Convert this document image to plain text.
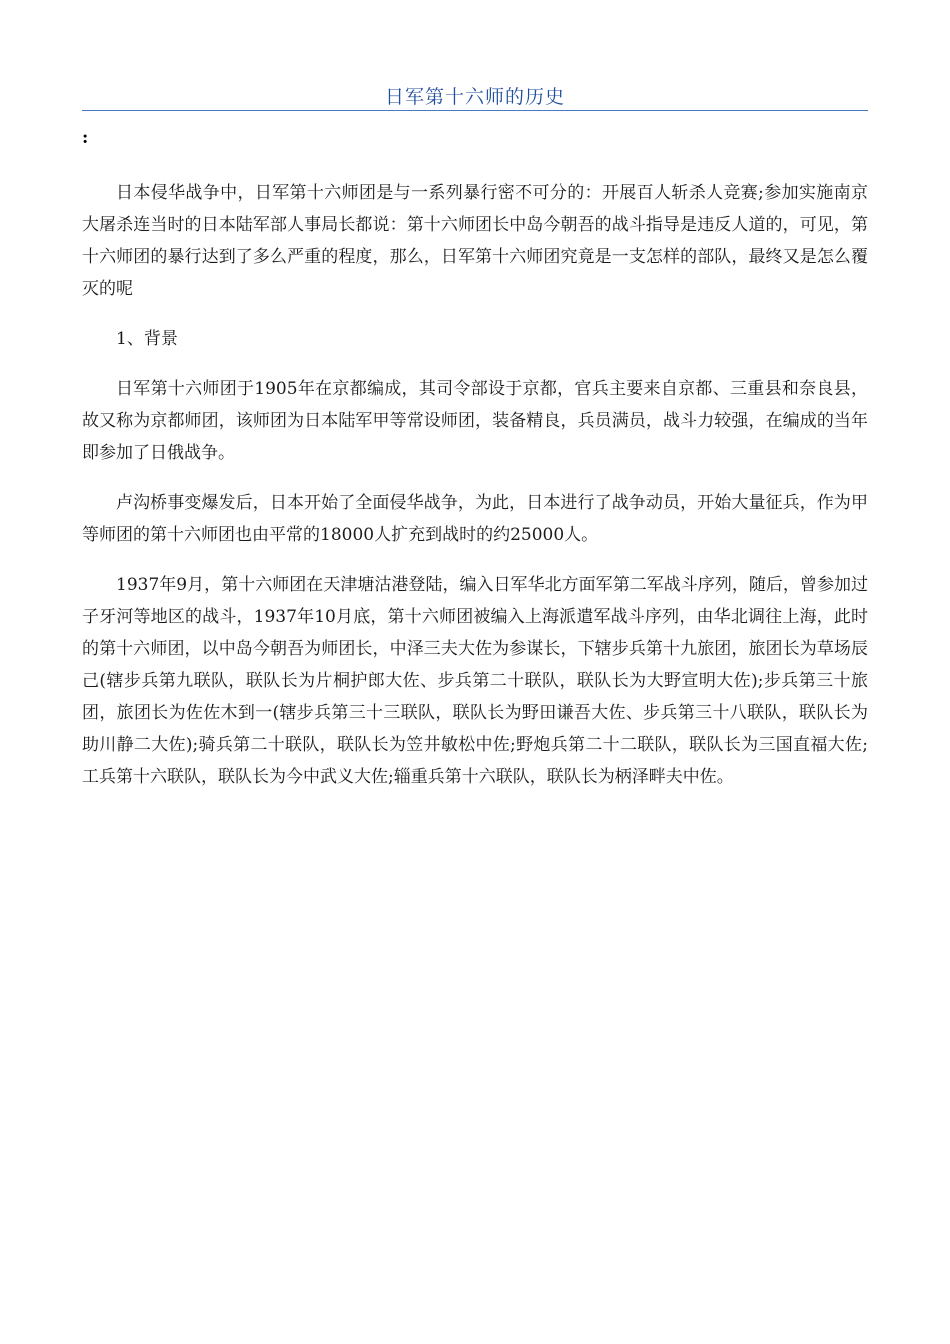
日军第十六师的历史
:

日本侵华战争中，日军第十六师团是与一系列暴行密不可分的：开展百人斩杀人竞赛;参加实施南京大屠杀连当时的日本陆军部人事局长都说：第十六师团长中岛今朝吾的战斗指导是违反人道的，可见，第十六师团的暴行达到了多么严重的程度，那么，日军第十六师团究竟是一支怎样的部队，最终又是怎么覆灭的呢

1、背景

日军第十六师团于1905年在京都编成，其司令部设于京都，官兵主要来自京都、三重县和奈良县，故又称为京都师团，该师团为日本陆军甲等常设师团，装备精良，兵员满员，战斗力较强，在编成的当年即参加了日俄战争。

卢沟桥事变爆发后，日本开始了全面侵华战争，为此，日本进行了战争动员，开始大量征兵，作为甲等师团的第十六师团也由平常的18000人扩充到战时的约25000人。

1937年9月，第十六师团在天津塘沽港登陆，编入日军华北方面军第二军战斗序列，随后，曾参加过子牙河等地区的战斗，1937年10月底，第十六师团被编入上海派遣军战斗序列，由华北调往上海，此时的第十六师团，以中岛今朝吾为师团长，中泽三夫大佐为参谋长，下辖步兵第十九旅团，旅团长为草场辰己(辖步兵第九联队，联队长为片桐护郎大佐、步兵第二十联队，联队长为大野宣明大佐);步兵第三十旅团，旅团长为佐佐木到一(辖步兵第三十三联队，联队长为野田谦吾大佐、步兵第三十八联队，联队长为助川静二大佐);骑兵第二十联队，联队长为笠井敏松中佐;野炮兵第二十二联队，联队长为三国直福大佐;工兵第十六联队，联队长为今中武义大佐;辎重兵第十六联队，联队长为柄泽畔夫中佐。
